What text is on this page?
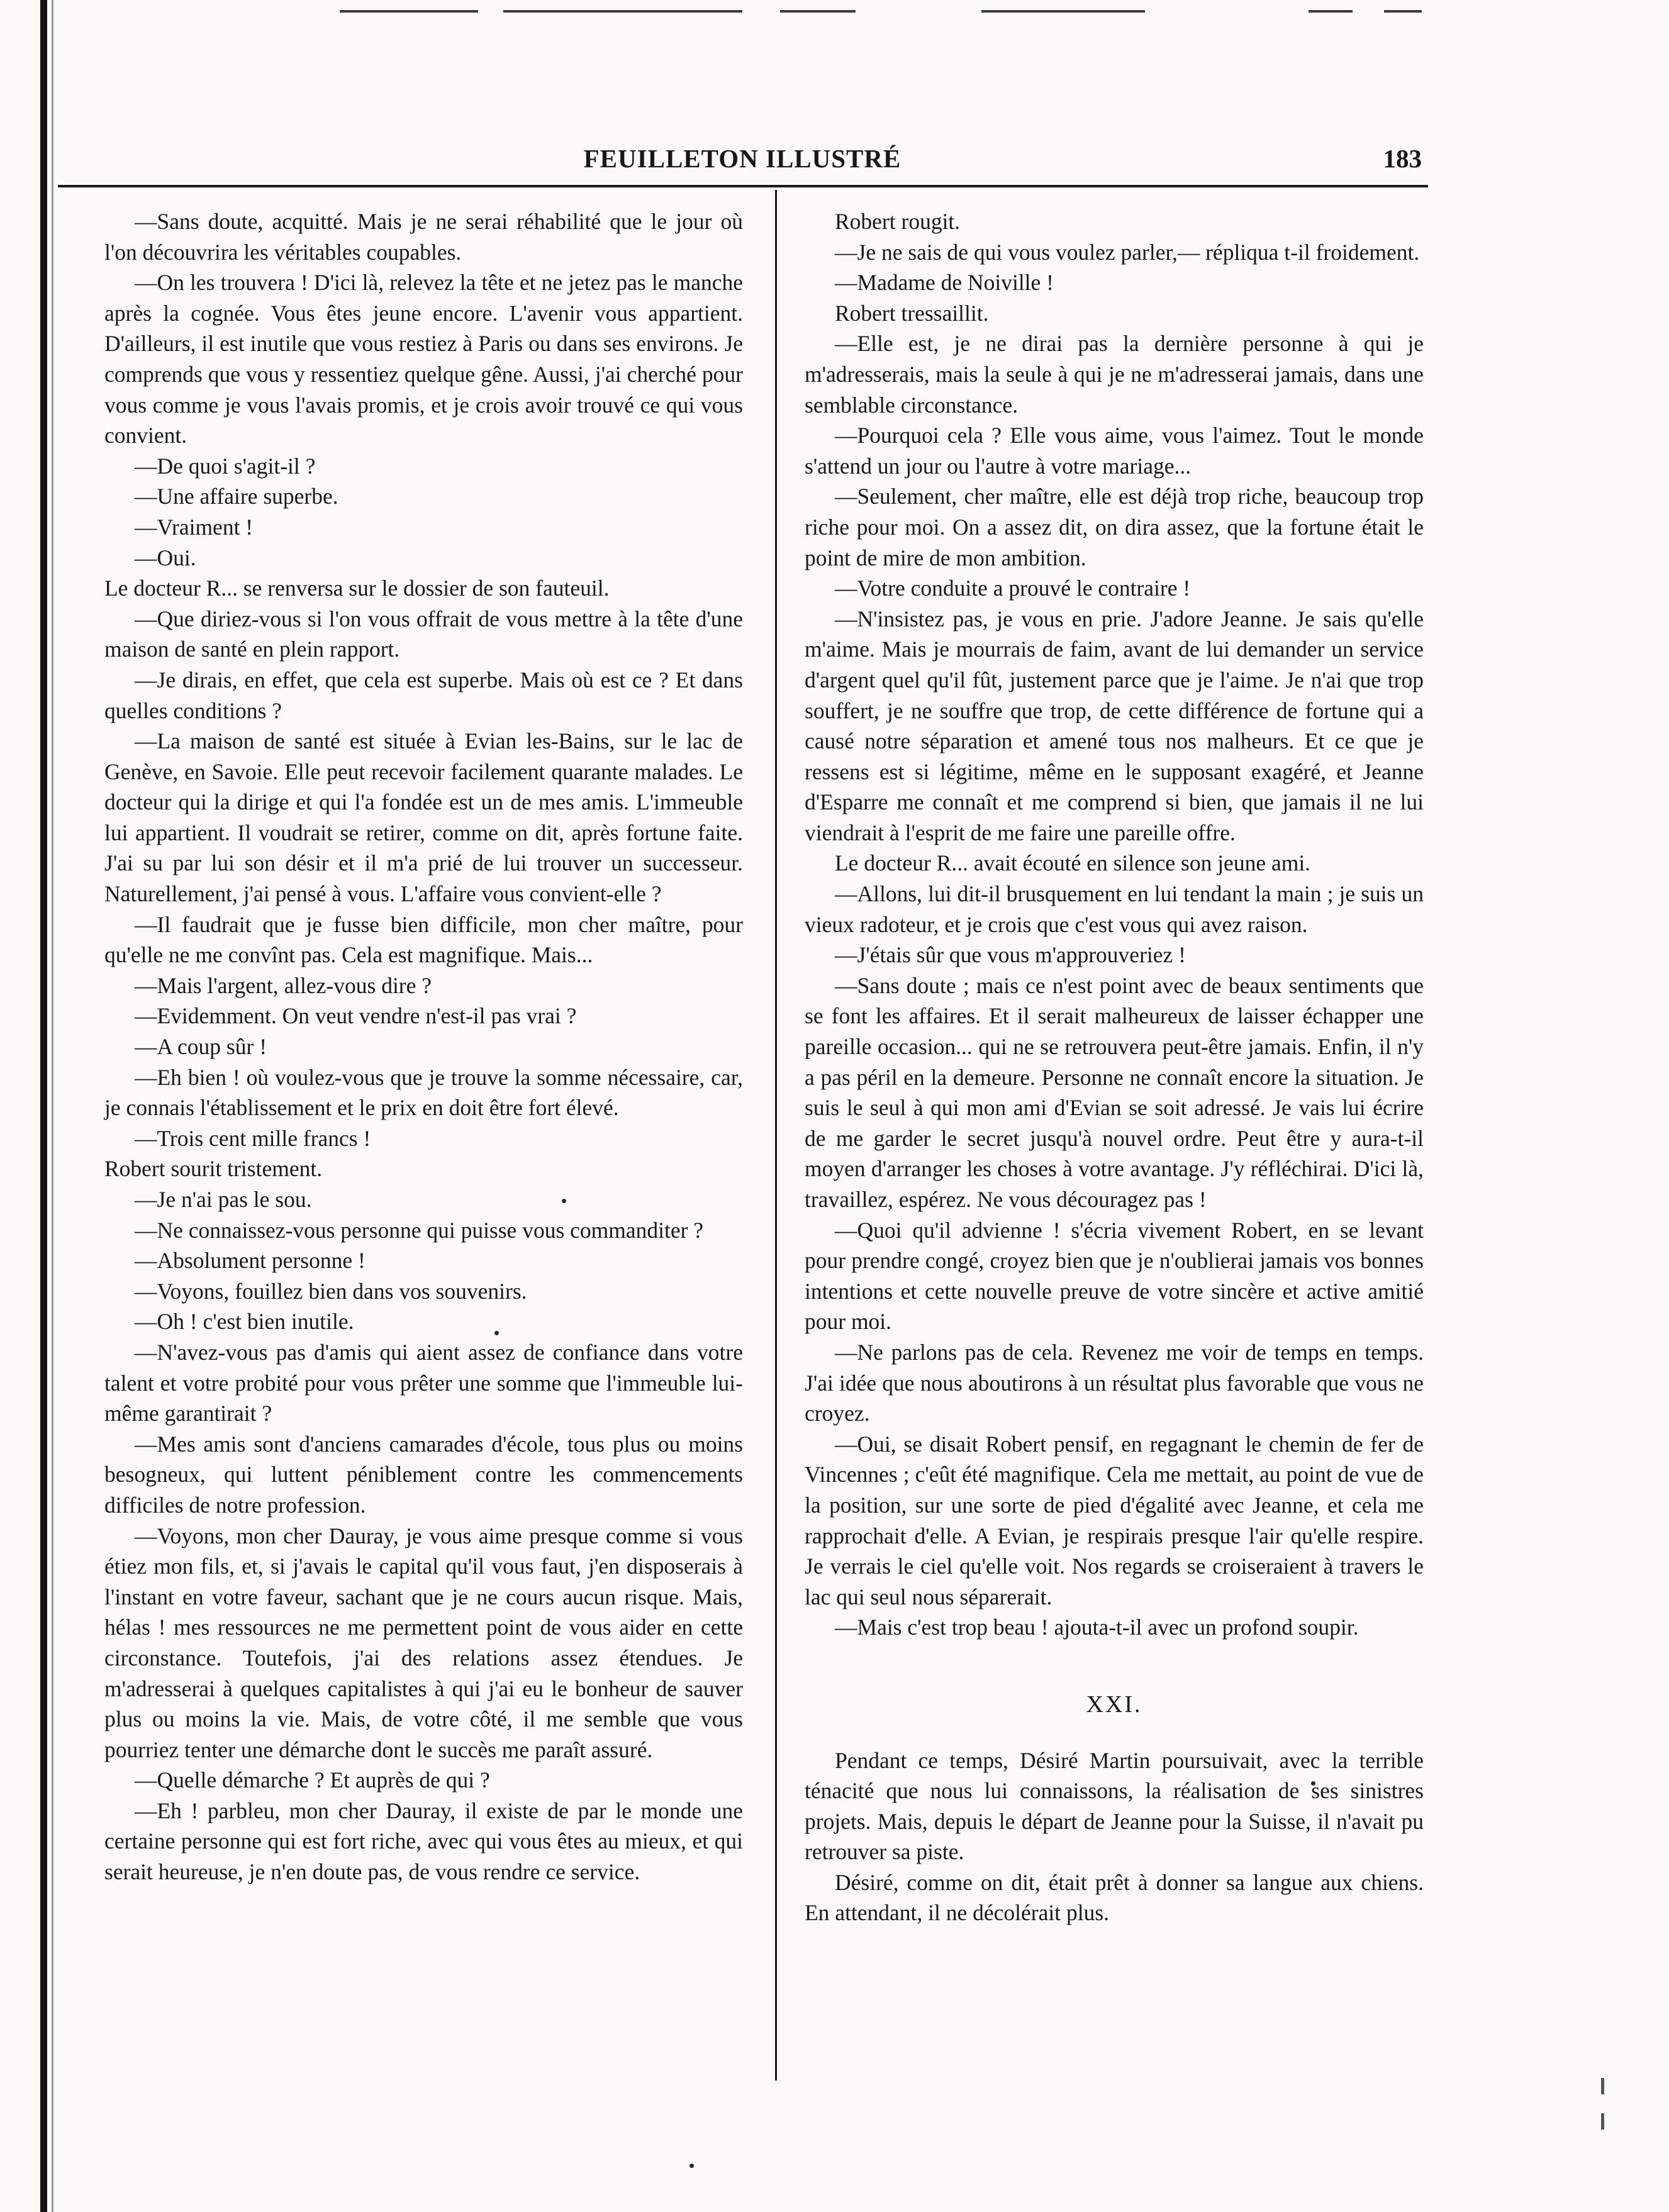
FEUILLETON ILLUSTRÉ	183

—Sans doute, acquitté. Mais je ne serai réhabilité que le jour où l'on découvrira les véritables coupables.

—On les trouvera ! D'ici là, relevez la tête et ne jetez pas le manche après la cognée. Vous êtes jeune encore. L'avenir vous appartient. D'ailleurs, il est inutile que vous restiez à Paris ou dans ses environs. Je comprends que vous y ressentiez quelque gêne. Aussi, j'ai cherché pour vous comme je vous l'avais promis, et je crois avoir trouvé ce qui vous convient.

—De quoi s'agit-il ?

—Une affaire superbe.

—Vraiment !

—Oui.

Le docteur R... se renversa sur le dossier de son fauteuil.

—Que diriez-vous si l'on vous offrait de vous mettre à la tête d'une maison de santé en plein rapport.

—Je dirais, en effet, que cela est superbe. Mais où est ce ? Et dans quelles conditions ?

—La maison de santé est située à Evian les-Bains, sur le lac de Genève, en Savoie. Elle peut recevoir facilement quarante malades. Le docteur qui la dirige et qui l'a fondée est un de mes amis. L'immeuble lui appartient. Il voudrait se retirer, comme on dit, après fortune faite. J'ai su par lui son désir et il m'a prié de lui trouver un successeur. Naturellement, j'ai pensé à vous. L'affaire vous convient-elle ?

—Il faudrait que je fusse bien difficile, mon cher maître, pour qu'elle ne me convînt pas. Cela est magnifique. Mais...

—Mais l'argent, allez-vous dire ?

—Evidemment. On veut vendre n'est-il pas vrai ?

—A coup sûr !

—Eh bien ! où voulez-vous que je trouve la somme nécessaire, car, je connais l'établissement et le prix en doit être fort élevé.

—Trois cent mille francs !

Robert sourit tristement.

—Je n'ai pas le sou.

—Ne connaissez-vous personne qui puisse vous commanditer ?

—Absolument personne !

—Voyons, fouillez bien dans vos souvenirs.

—Oh ! c'est bien inutile.

—N'avez-vous pas d'amis qui aient assez de confiance dans votre talent et votre probité pour vous prêter une somme que l'immeuble lui-même garantirait ?

—Mes amis sont d'anciens camarades d'école, tous plus ou moins besogneux, qui luttent péniblement contre les commencements difficiles de notre profession.

—Voyons, mon cher Dauray, je vous aime presque comme si vous étiez mon fils, et, si j'avais le capital qu'il vous faut, j'en disposerais à l'instant en votre faveur, sachant que je ne cours aucun risque. Mais, hélas ! mes ressources ne me permettent point de vous aider en cette circonstance. Toutefois, j'ai des relations assez étendues. Je m'adresserai à quelques capitalistes à qui j'ai eu le bonheur de sauver plus ou moins la vie. Mais, de votre côté, il me semble que vous pourriez tenter une démarche dont le succès me paraît assuré.

—Quelle démarche ? Et auprès de qui ?

—Eh ! parbleu, mon cher Dauray, il existe de par le monde une certaine personne qui est fort riche, avec qui vous êtes au mieux, et qui serait heureuse, je n'en doute pas, de vous rendre ce service.

Robert rougit.

—Je ne sais de qui vous voulez parler,— répliqua t-il froidement.

—Madame de Noiville !

Robert tressaillit.

—Elle est, je ne dirai pas la dernière personne à qui je m'adresserais, mais la seule à qui je ne m'adresserai jamais, dans une semblable circonstance.

—Pourquoi cela ? Elle vous aime, vous l'aimez. Tout le monde s'attend un jour ou l'autre à votre mariage...

—Seulement, cher maître, elle est déjà trop riche, beaucoup trop riche pour moi. On a assez dit, on dira assez, que la fortune était le point de mire de mon ambition.

—Votre conduite a prouvé le contraire !

—N'insistez pas, je vous en prie. J'adore Jeanne. Je sais qu'elle m'aime. Mais je mourrais de faim, avant de lui demander un service d'argent quel qu'il fût, justement parce que je l'aime. Je n'ai que trop souffert, je ne souffre que trop, de cette différence de fortune qui a causé notre séparation et amené tous nos malheurs. Et ce que je ressens est si légitime, même en le supposant exagéré, et Jeanne d'Esparre me connaît et me comprend si bien, que jamais il ne lui viendrait à l'esprit de me faire une pareille offre.

Le docteur R... avait écouté en silence son jeune ami.

—Allons, lui dit-il brusquement en lui tendant la main ; je suis un vieux radoteur, et je crois que c'est vous qui avez raison.

—J'étais sûr que vous m'approuveriez !

—Sans doute ; mais ce n'est point avec de beaux sentiments que se font les affaires. Et il serait malheureux de laisser échapper une pareille occasion... qui ne se retrouvera peut-être jamais. Enfin, il n'y a pas péril en la demeure. Personne ne connaît encore la situation. Je suis le seul à qui mon ami d'Evian se soit adressé. Je vais lui écrire de me garder le secret jusqu'à nouvel ordre. Peut être y aura-t-il moyen d'arranger les choses à votre avantage. J'y réfléchirai. D'ici là, travaillez, espérez. Ne vous découragez pas !

—Quoi qu'il advienne ! s'écria vivement Robert, en se levant pour prendre congé, croyez bien que je n'oublierai jamais vos bonnes intentions et cette nouvelle preuve de votre sincère et active amitié pour moi.

—Ne parlons pas de cela. Revenez me voir de temps en temps. J'ai idée que nous aboutirons à un résultat plus favorable que vous ne croyez.

—Oui, se disait Robert pensif, en regagnant le chemin de fer de Vincennes ; c'eût été magnifique. Cela me mettait, au point de vue de la position, sur une sorte de pied d'égalité avec Jeanne, et cela me rapprochait d'elle. A Evian, je respirais presque l'air qu'elle respire. Je verrais le ciel qu'elle voit. Nos regards se croiseraient à travers le lac qui seul nous séparerait.

—Mais c'est trop beau ! ajouta-t-il avec un profond soupir.

XXI.

Pendant ce temps, Désiré Martin poursuivait, avec la terrible ténacité que nous lui connaissons, la réalisation de ses sinistres projets. Mais, depuis le départ de Jeanne pour la Suisse, il n'avait pu retrouver sa piste.

Désiré, comme on dit, était prêt à donner sa langue aux chiens. En attendant, il ne décolérait plus.
